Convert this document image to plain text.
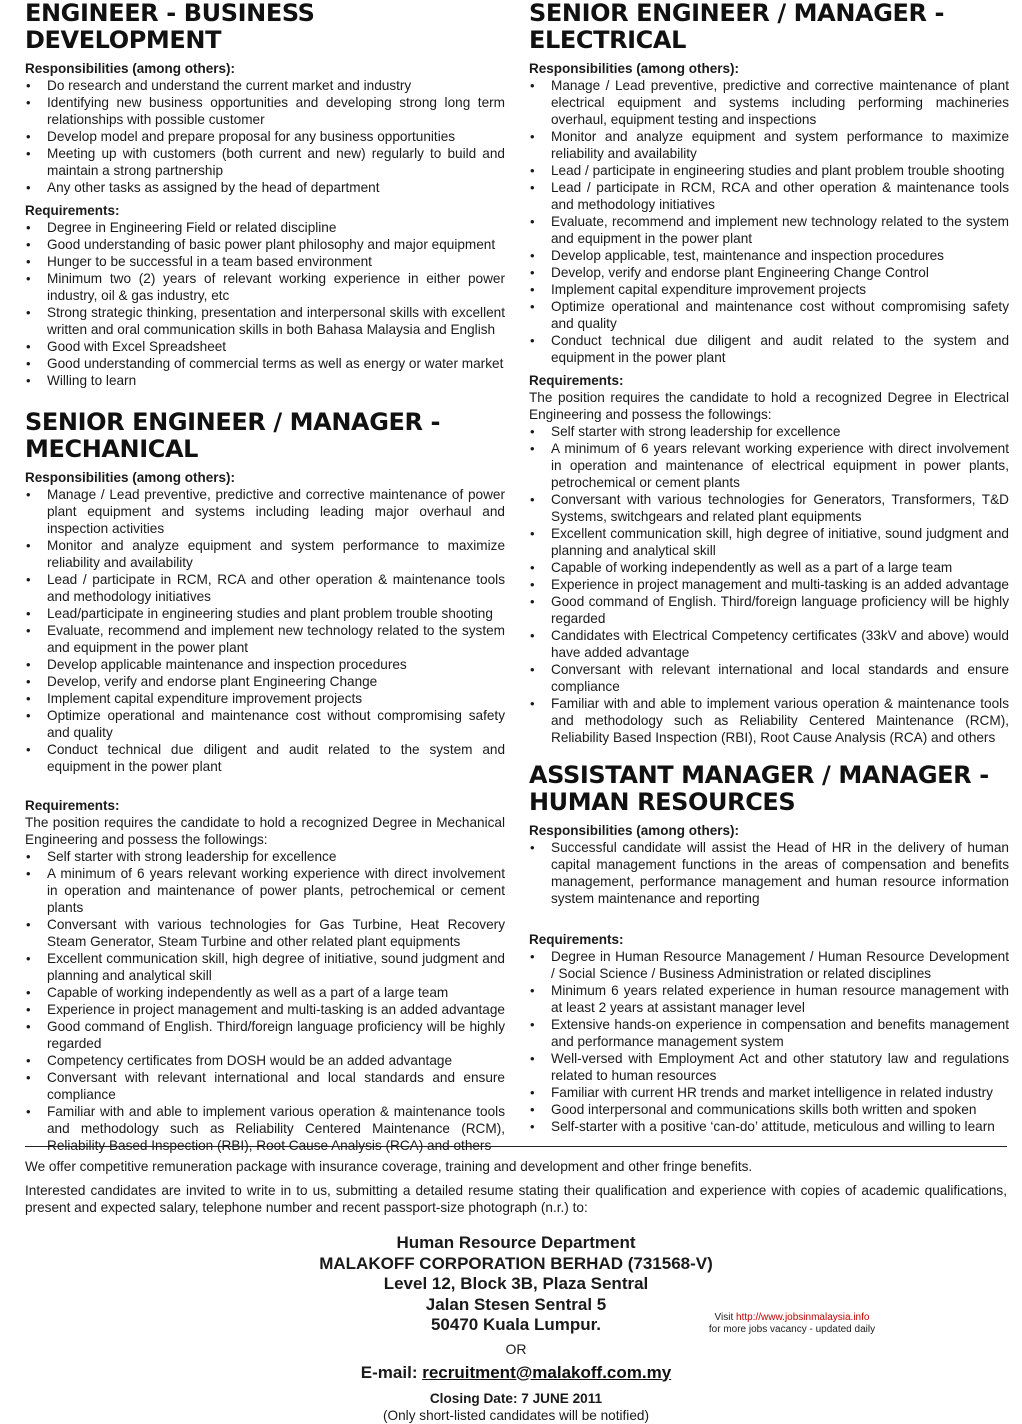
ENGINEER - BUSINESS DEVELOPMENT

Responsibilities (among others):

• Do research and understand the current market and industry
• Identifying new business opportunities and developing strong long term relationships with possible customer
• Develop model and prepare proposal for any business opportunities
• Meeting up with customers (both current and new) regularly to build and maintain a strong partnership
• Any other tasks as assigned by the head of department

Requirements:

• Degree in Engineering Field or related discipline
• Good understanding of basic power plant philosophy and major equipment
• Hunger to be successful in a team based environment
• Minimum two (2) years of relevant working experience in either power industry, oil & gas industry, etc
• Strong strategic thinking, presentation and interpersonal skills with excellent written and oral communication skills in both Bahasa Malaysia and English
• Good with Excel Spreadsheet
• Good understanding of commercial terms as well as energy or water market
• Willing to learn
SENIOR ENGINEER / MANAGER -
MECHANICAL

Responsibilities (among others):

• Manage / Lead preventive, predictive and corrective maintenance of power plant equipment and systems including leading major overhaul and inspection activities
• Monitor and analyze equipment and system performance to maximize reliability and availability
• Lead / participate in RCM, RCA and other operation & maintenance tools and methodology initiatives
• Lead/participate in engineering studies and plant problem trouble shooting
• Evaluate, recommend and implement new technology related to the system and equipment in the power plant
• Develop applicable maintenance and inspection procedures
• Develop, verify and endorse plant Engineering Change
• Implement capital expenditure improvement projects
• Optimize operational and maintenance cost without compromising safety and quality
• Conduct technical due diligent and audit related to the system and equipment in the power plant

Requirements:

The position requires the candidate to hold a recognized Degree in Mechanical Engineering and possess the followings:

• Self starter with strong leadership for excellence
• A minimum of 6 years relevant working experience with direct involvement in operation and maintenance of power plants, petrochemical or cement plants
• Conversant with various technologies for Gas Turbine, Heat Recovery Steam Generator, Steam Turbine and other related plant equipments
• Excellent communication skill, high degree of initiative, sound judgment and planning and analytical skill
• Capable of working independently as well as a part of a large team
• Experience in project management and multi-tasking is an added advantage
• Good command of English. Third/foreign language proficiency will be highly regarded
• Competency certificates from DOSH would be an added advantage
• Conversant with relevant international and local standards and ensure compliance
• Familiar with and able to implement various operation & maintenance tools and methodology such as Reliability Centered Maintenance (RCM), Reliability Based Inspection (RBI), Root Cause Analysis (RCA) and others
SENIOR ENGINEER / MANAGER -
ELECTRICAL

Responsibilities (among others):

• Manage / Lead preventive, predictive and corrective maintenance of plant electrical equipment and systems including performing machineries overhaul, equipment testing and inspections
• Monitor and analyze equipment and system performance to maximize reliability and availability
• Lead / participate in engineering studies and plant problem trouble shooting
• Lead / participate in RCM, RCA and other operation & maintenance tools and methodology initiatives
• Evaluate, recommend and implement new technology related to the system and equipment in the power plant
• Develop applicable, test, maintenance and inspection procedures
• Develop, verify and endorse plant Engineering Change Control
• Implement capital expenditure improvement projects
• Optimize operational and maintenance cost without compromising safety and quality
• Conduct technical due diligent and audit related to the system and equipment in the power plant

Requirements:

The position requires the candidate to hold a recognized Degree in Electrical Engineering and possess the followings:

• Self starter with strong leadership for excellence
• A minimum of 6 years relevant working experience with direct involvement in operation and maintenance of electrical equipment in power plants, petrochemical or cement plants
• Conversant with various technologies for Generators, Transformers, T&D Systems, switchgears and related plant equipments
• Excellent communication skill, high degree of initiative, sound judgment and planning and analytical skill
• Capable of working independently as well as a part of a large team
• Experience in project management and multi-tasking is an added advantage
• Good command of English. Third/foreign language proficiency will be highly regarded
• Candidates with Electrical Competency certificates (33kV and above) would have added advantage
• Conversant with relevant international and local standards and ensure compliance
• Familiar with and able to implement various operation & maintenance tools and methodology such as Reliability Centered Maintenance (RCM), Reliability Based Inspection (RBI), Root Cause Analysis (RCA) and others
ASSISTANT MANAGER / MANAGER -
HUMAN RESOURCES

Responsibilities (among others):

• Successful candidate will assist the Head of HR in the delivery of human capital management functions in the areas of compensation and benefits management, performance management and human resource information system maintenance and reporting

Requirements:

• Degree in Human Resource Management / Human Resource Development / Social Science / Business Administration or related disciplines
• Minimum 6 years related experience in human resource management with at least 2 years at assistant manager level
• Extensive hands-on experience in compensation and benefits management and performance management system
• Well-versed with Employment Act and other statutory law and regulations related to human resources
• Familiar with current HR trends and market intelligence in related industry
• Good interpersonal and communications skills both written and spoken
• Self-starter with a positive ‘can-do’ attitude, meticulous and willing to learn

We offer competitive remuneration package with insurance coverage, training and development and other fringe benefits.

Interested candidates are invited to write in to us, submitting a detailed resume stating their qualification and experience with copies of academic qualifications, present and expected salary, telephone number and recent passport-size photograph (n.r.) to:

Human Resource Department

MALAKOFF CORPORATION BERHAD (731568-V)

Level 12, Block 3B, Plaza Sentral

Jalan Stesen Sentral 5

50470 Kuala Lumpur.

OR

E-mail: recruitment@malakoff.com.my

Closing Date: 7 JUNE 2011

(Only short-listed candidates will be notified)

Visit http://www.jobsinmalaysia.info
for more jobs vacancy - updated daily
